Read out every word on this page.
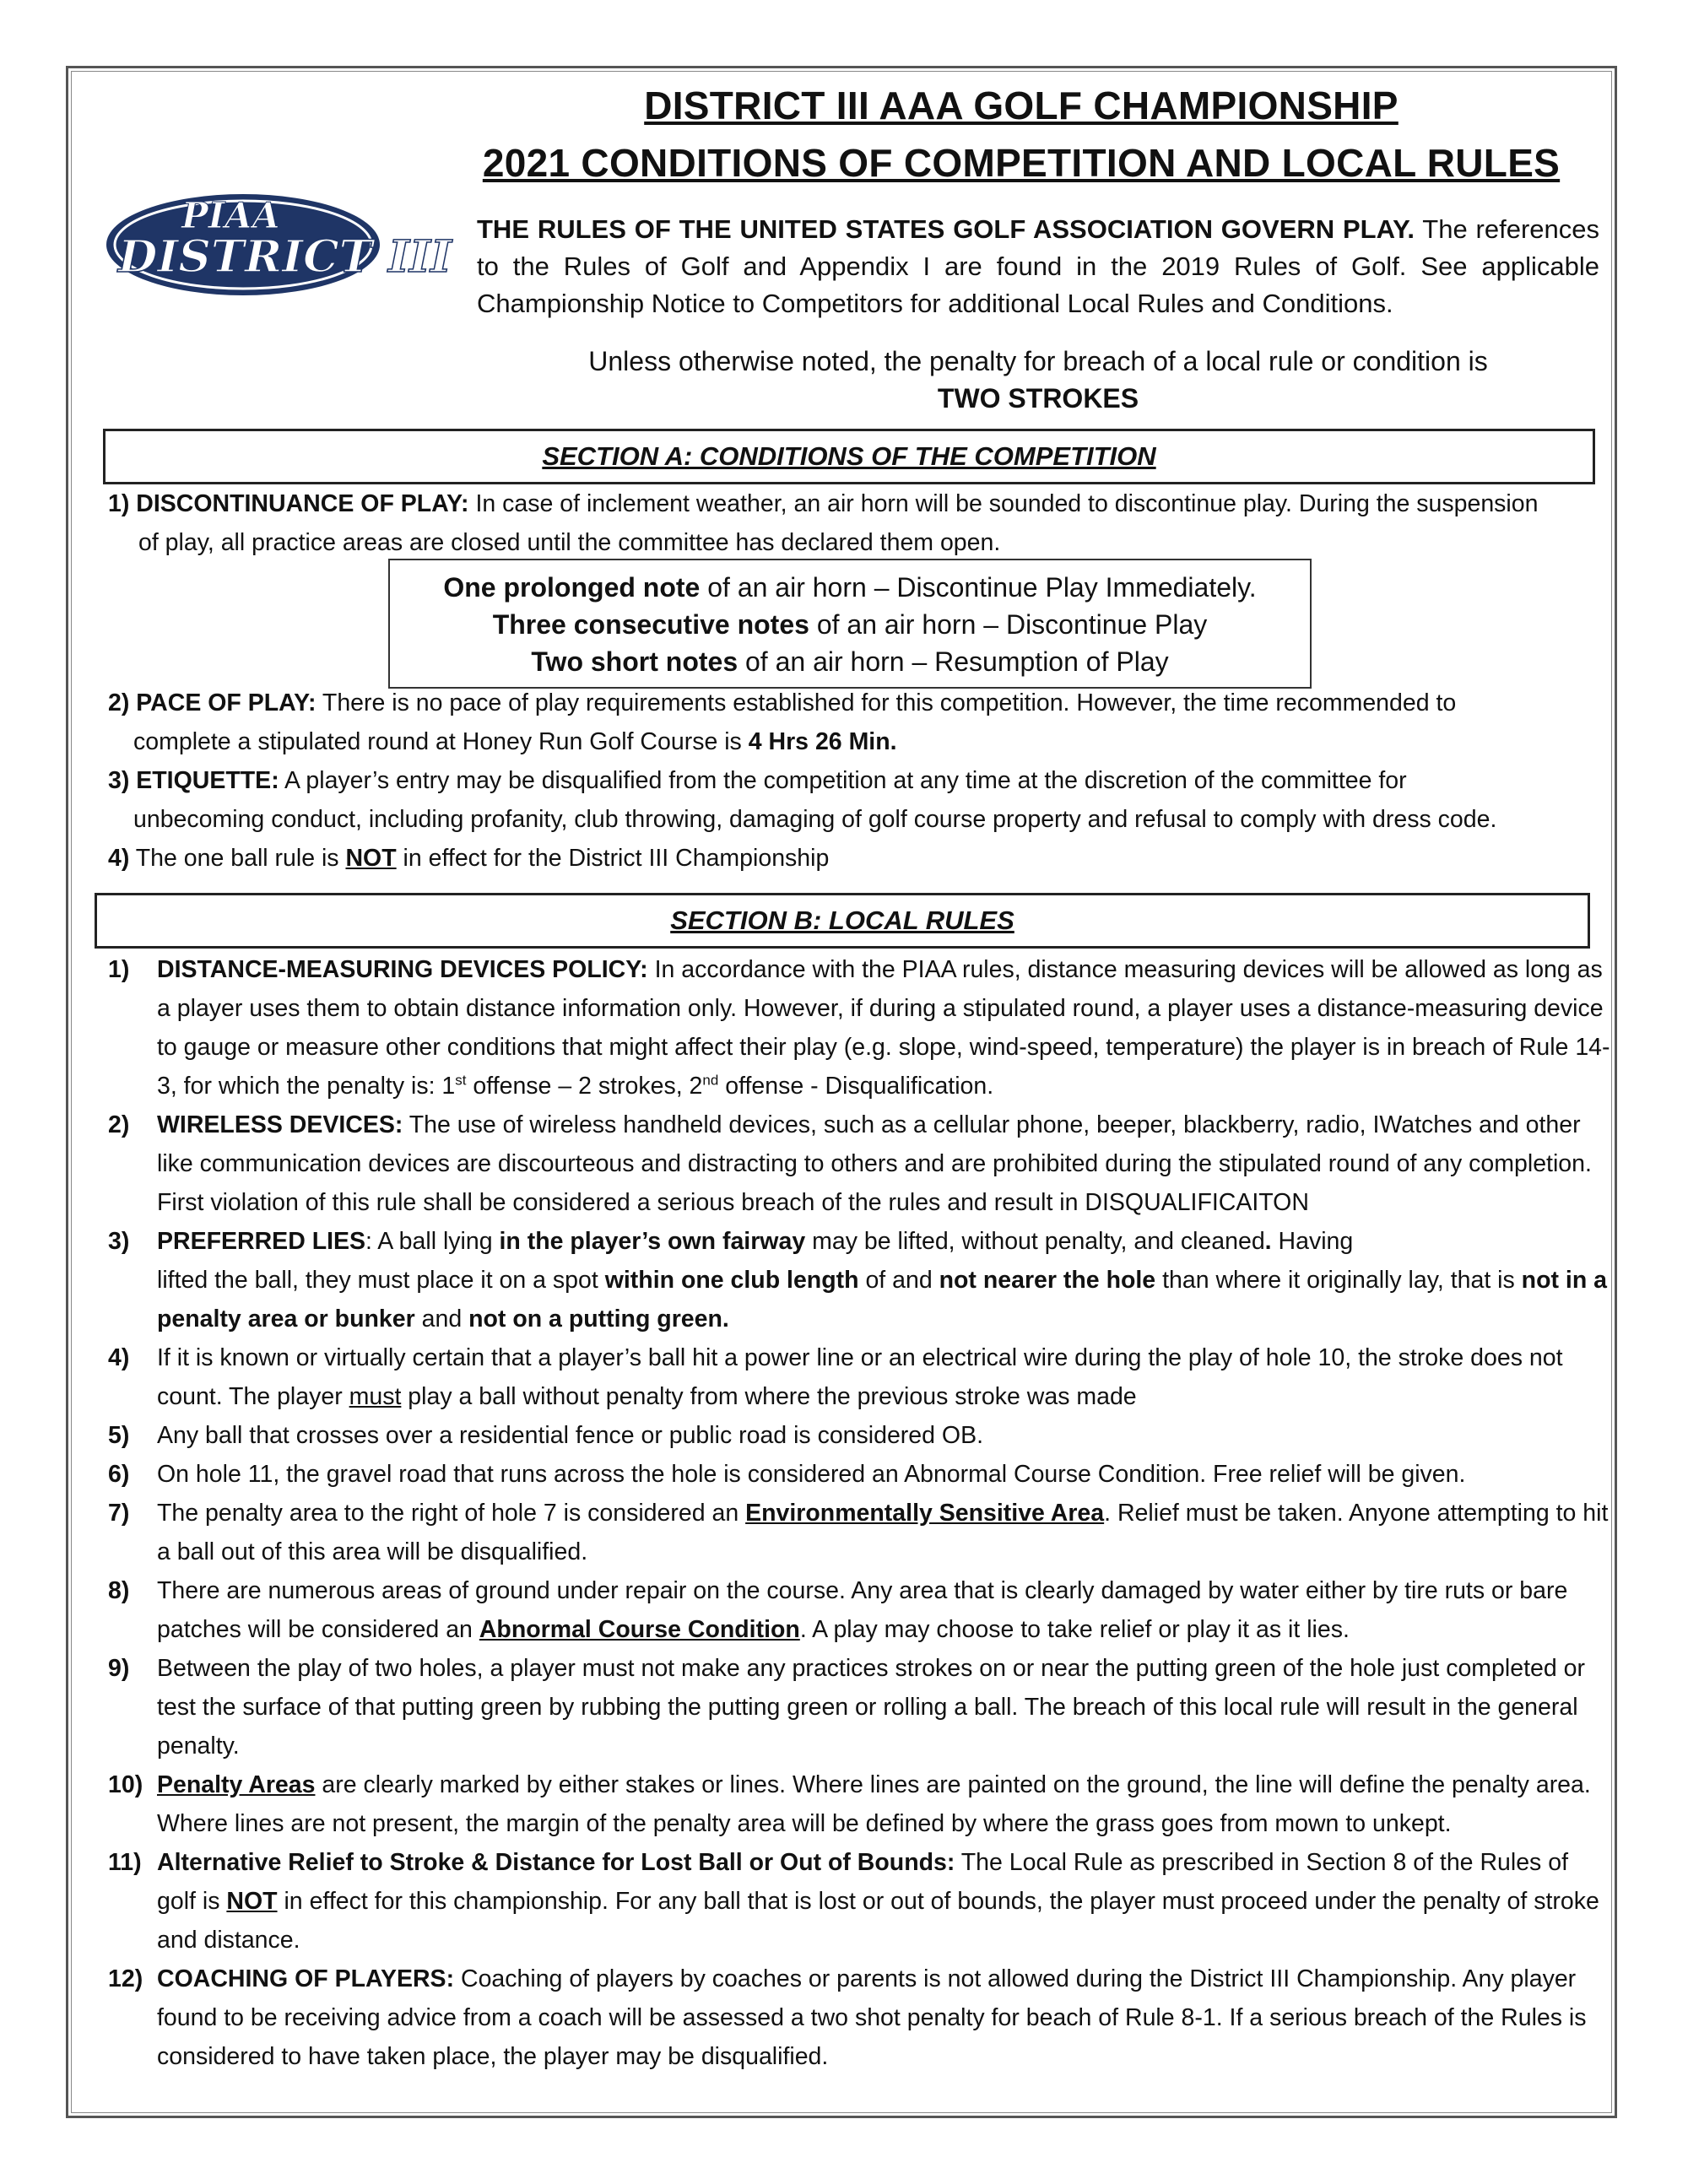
DISTRICT III AAA GOLF CHAMPIONSHIP
2021 CONDITIONS OF COMPETITION AND LOCAL RULES
PIAA
DISTRICT III
THE RULES OF THE UNITED STATES GOLF ASSOCIATION GOVERN PLAY. The references to the Rules of Golf and Appendix I are found in the 2019 Rules of Golf. See applicable Championship Notice to Competitors for additional Local Rules and Conditions.
Unless otherwise noted, the penalty for breach of a local rule or condition is
TWO STROKES
SECTION A: CONDITIONS OF THE COMPETITION
1) DISCONTINUANCE OF PLAY: In case of inclement weather, an air horn will be sounded to discontinue play. During the suspension
of play, all practice areas are closed until the committee has declared them open.
One prolonged note of an air horn – Discontinue Play Immediately.
Three consecutive notes of an air horn – Discontinue Play
Two short notes of an air horn – Resumption of Play
2) PACE OF PLAY: There is no pace of play requirements established for this competition. However, the time recommended to
complete a stipulated round at Honey Run Golf Course is 4 Hrs 26 Min.
3) ETIQUETTE: A player’s entry may be disqualified from the competition at any time at the discretion of the committee for
unbecoming conduct, including profanity, club throwing, damaging of golf course property and refusal to comply with dress code.
4) The one ball rule is NOT in effect for the District III Championship
SECTION B: LOCAL RULES
1) DISTANCE-MEASURING DEVICES POLICY: In accordance with the PIAA rules, distance measuring devices will be allowed as long as a player uses them to obtain distance information only. However, if during a stipulated round, a player uses a distance-measuring device to gauge or measure other conditions that might affect their play (e.g. slope, wind-speed, temperature) the player is in breach of Rule 14-3, for which the penalty is: 1st offense – 2 strokes, 2nd offense - Disqualification.
2) WIRELESS DEVICES: The use of wireless handheld devices, such as a cellular phone, beeper, blackberry, radio, IWatches and other like communication devices are discourteous and distracting to others and are prohibited during the stipulated round of any completion. First violation of this rule shall be considered a serious breach of the rules and result in DISQUALIFICAITON
3) PREFERRED LIES: A ball lying in the player’s own fairway may be lifted, without penalty, and cleaned. Having
lifted the ball, they must place it on a spot within one club length of and not nearer the hole than where it originally lay, that is not in a penalty area or bunker and not on a putting green.
4) If it is known or virtually certain that a player’s ball hit a power line or an electrical wire during the play of hole 10, the stroke does not count. The player must play a ball without penalty from where the previous stroke was made
5) Any ball that crosses over a residential fence or public road is considered OB.
6) On hole 11, the gravel road that runs across the hole is considered an Abnormal Course Condition. Free relief will be given.
7) The penalty area to the right of hole 7 is considered an Environmentally Sensitive Area. Relief must be taken. Anyone attempting to hit a ball out of this area will be disqualified.
8) There are numerous areas of ground under repair on the course. Any area that is clearly damaged by water either by tire ruts or bare patches will be considered an Abnormal Course Condition. A play may choose to take relief or play it as it lies.
9) Between the play of two holes, a player must not make any practices strokes on or near the putting green of the hole just completed or test the surface of that putting green by rubbing the putting green or rolling a ball. The breach of this local rule will result in the general penalty.
10) Penalty Areas are clearly marked by either stakes or lines. Where lines are painted on the ground, the line will define the penalty area. Where lines are not present, the margin of the penalty area will be defined by where the grass goes from mown to unkept.
11) Alternative Relief to Stroke & Distance for Lost Ball or Out of Bounds: The Local Rule as prescribed in Section 8 of the Rules of golf is NOT in effect for this championship. For any ball that is lost or out of bounds, the player must proceed under the penalty of stroke and distance.
12) COACHING OF PLAYERS: Coaching of players by coaches or parents is not allowed during the District III Championship. Any player found to be receiving advice from a coach will be assessed a two shot penalty for beach of Rule 8-1. If a serious breach of the Rules is considered to have taken place, the player may be disqualified.
